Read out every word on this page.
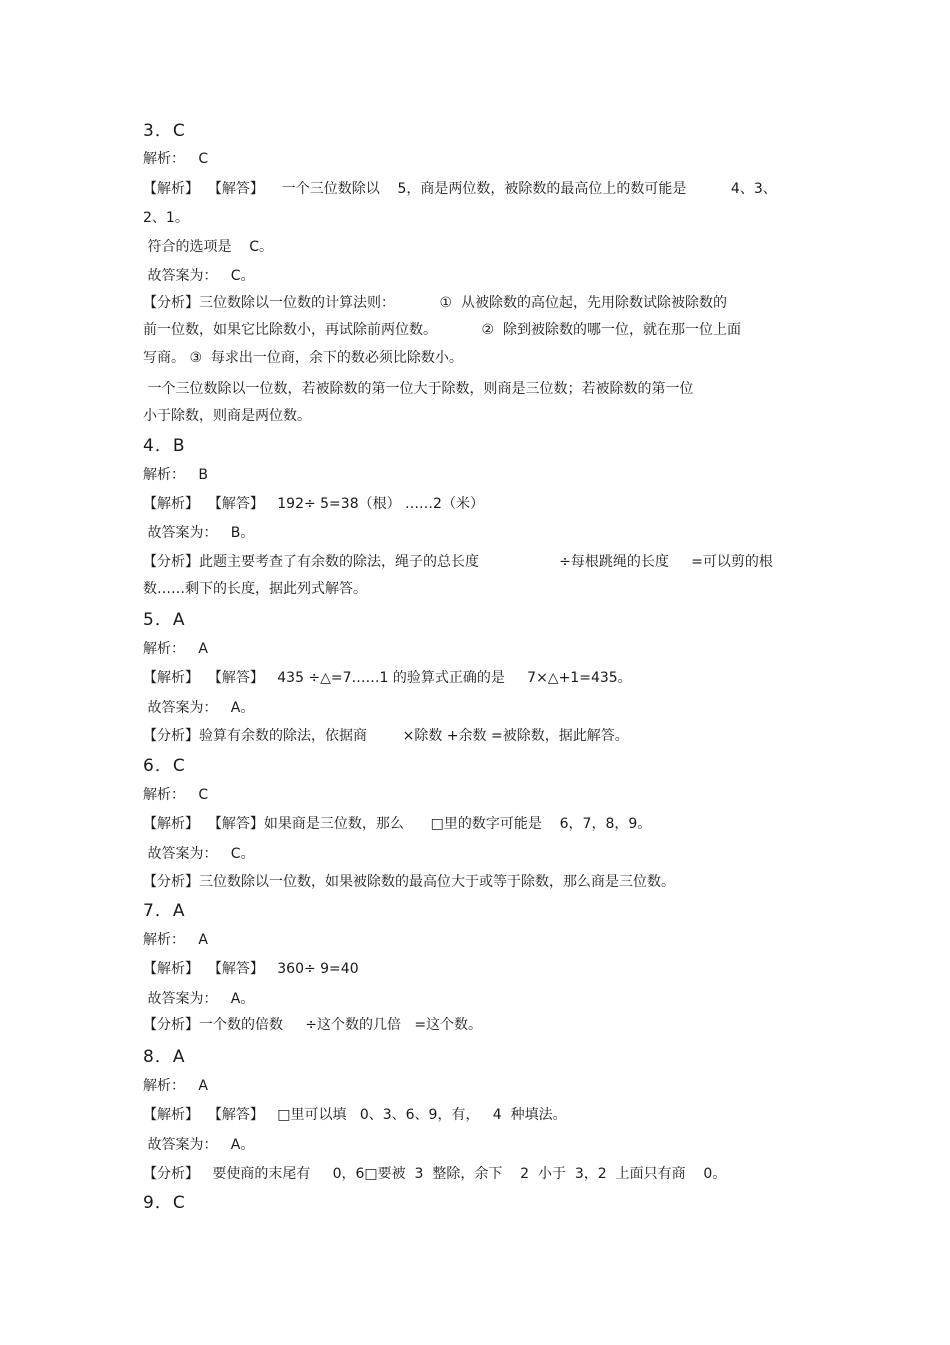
3．C
解析：   C
【解析】  【解答】    一个三位数除以    5，商是两位数，被除数的最高位上的数可能是          4、3、
2、1。
符合的选项是    C。
故答案为：   C。
【分析】三位数除以一位数的计算法则：          ①  从被除数的高位起，先用除数试除被除数的
前一位数，如果它比除数小，再试除前两位数。          ②  除到被除数的哪一位，就在那一位上面
写商。 ③  每求出一位商，余下的数必须比除数小。
一个三位数除以一位数，若被除数的第一位大于除数，则商是三位数；若被除数的第一位
小于除数，则商是两位数。
4．B
解析：   B
【解析】  【解答】   192÷ 5=38（根） ……2（米）
故答案为：   B。
【分析】此题主要考查了有余数的除法，绳子的总长度                  ÷每根跳绳的长度     =可以剪的根
数……剩下的长度，据此列式解答。
5．A
解析：   A
【解析】  【解答】   435 ÷△=7……1 的验算式正确的是     7×△+1=435。
故答案为：   A。
【分析】验算有余数的除法，依据商        ×除数 +余数 =被除数，据此解答。
6．C
解析：   C
【解析】  【解答】如果商是三位数，那么      □里的数字可能是    6，7，8，9。
故答案为：   C。
【分析】三位数除以一位数，如果被除数的最高位大于或等于除数，那么商是三位数。
7．A
解析：   A
【解析】  【解答】   360÷ 9=40
故答案为：   A。
【分析】一个数的倍数     ÷这个数的几倍   =这个数。
8．A
解析：   A
【解析】  【解答】   □里可以填   0、3、6、9，有，   4  种填法。
故答案为：   A。
【分析】   要使商的末尾有     0，6□要被  3  整除，余下    2  小于  3，2  上面只有商    0。
9．C
